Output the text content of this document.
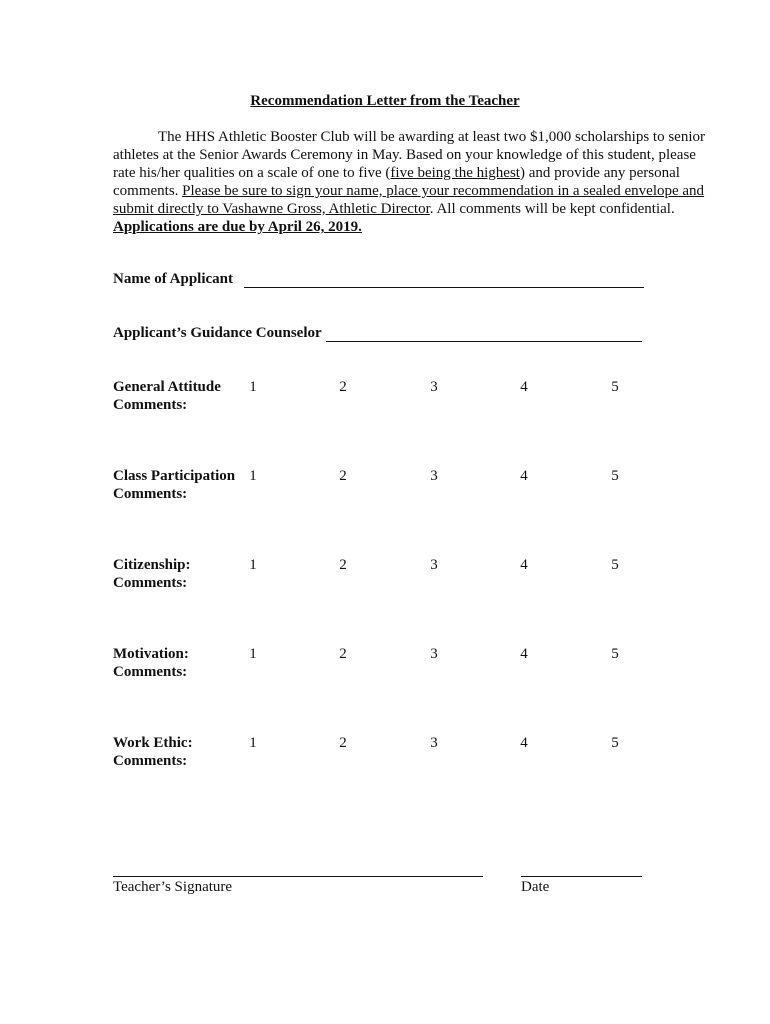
Recommendation Letter from the Teacher
The HHS Athletic Booster Club will be awarding at least two $1,000 scholarships to senior athletes at the Senior Awards Ceremony in May. Based on your knowledge of this student, please rate his/her qualities on a scale of one to five (five being the highest) and provide any personal comments. Please be sure to sign your name, place your recommendation in a sealed envelope and submit directly to Vashawne Gross, Athletic Director. All comments will be kept confidential. Applications are due by April 26, 2019.
Name of Applicant
Applicant’s Guidance Counselor
General Attitude 1	2	3	4	5
Comments:
Class Participation 1	2	3	4	5
Comments:
Citizenship:	1	2	3	4	5
Comments:
Motivation:	1	2	3	4	5
Comments:
Work Ethic:	1	2	3	4	5
Comments:
Teacher’s Signature	Date
